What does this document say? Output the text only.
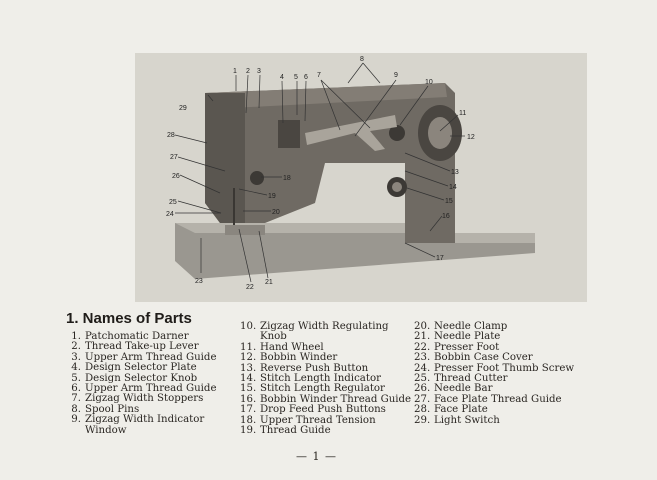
1 2 3
4 5 6 7
8
9
10
11
12
13
14
15
16
17
18
19
20
21
22
23
24
25
26
27
28
29
1. Names of Parts
1. Patchomatic Darner
2. Thread Take-up Lever
3. Upper Arm Thread Guide
4. Design Selector Plate
5. Design Selector Knob
6. Upper Arm Thread Guide
7. Zigzag Width Stoppers
8. Spool Pins
9. Zigzag Width Indicator
Window
10. Zigzag Width Regulating
Knob
11. Hand Wheel
12. Bobbin Winder
13. Reverse Push Button
14. Stitch Length Indicator
15. Stitch Length Regulator
16. Bobbin Winder Thread Guide
17. Drop Feed Push Buttons
18. Upper Thread Tension
19. Thread Guide
20. Needle Clamp
21. Needle Plate
22. Presser Foot
23. Bobbin Case Cover
24. Presser Foot Thumb Screw
25. Thread Cutter
26. Needle Bar
27. Face Plate Thread Guide
28. Face Plate
29. Light Switch
— 1 —
